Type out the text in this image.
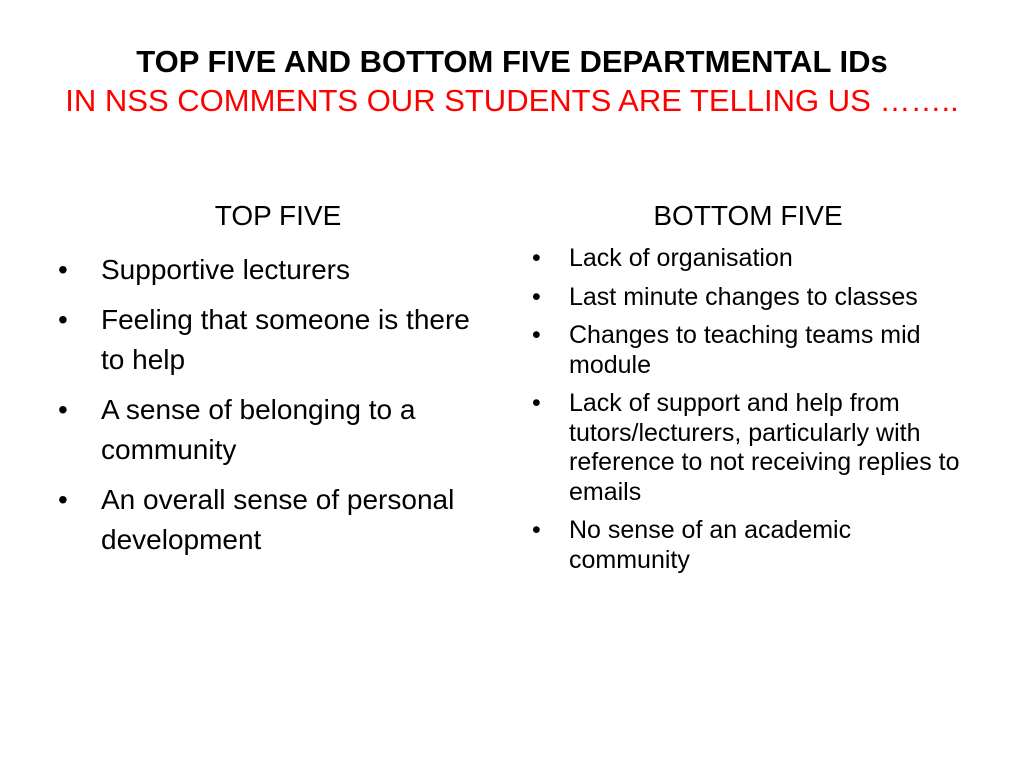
TOP FIVE AND BOTTOM FIVE DEPARTMENTAL IDs
IN NSS COMMENTS OUR STUDENTS ARE TELLING US ……..
TOP FIVE
• Supportive lecturers
• Feeling that someone is there to help
• A sense of belonging to a community
• An overall sense of personal development
BOTTOM FIVE
• Lack of organisation
• Last minute changes to classes
• Changes to teaching teams mid module
• Lack of support and help from tutors/lecturers, particularly with reference to not receiving replies to emails
• No sense of an academic community
